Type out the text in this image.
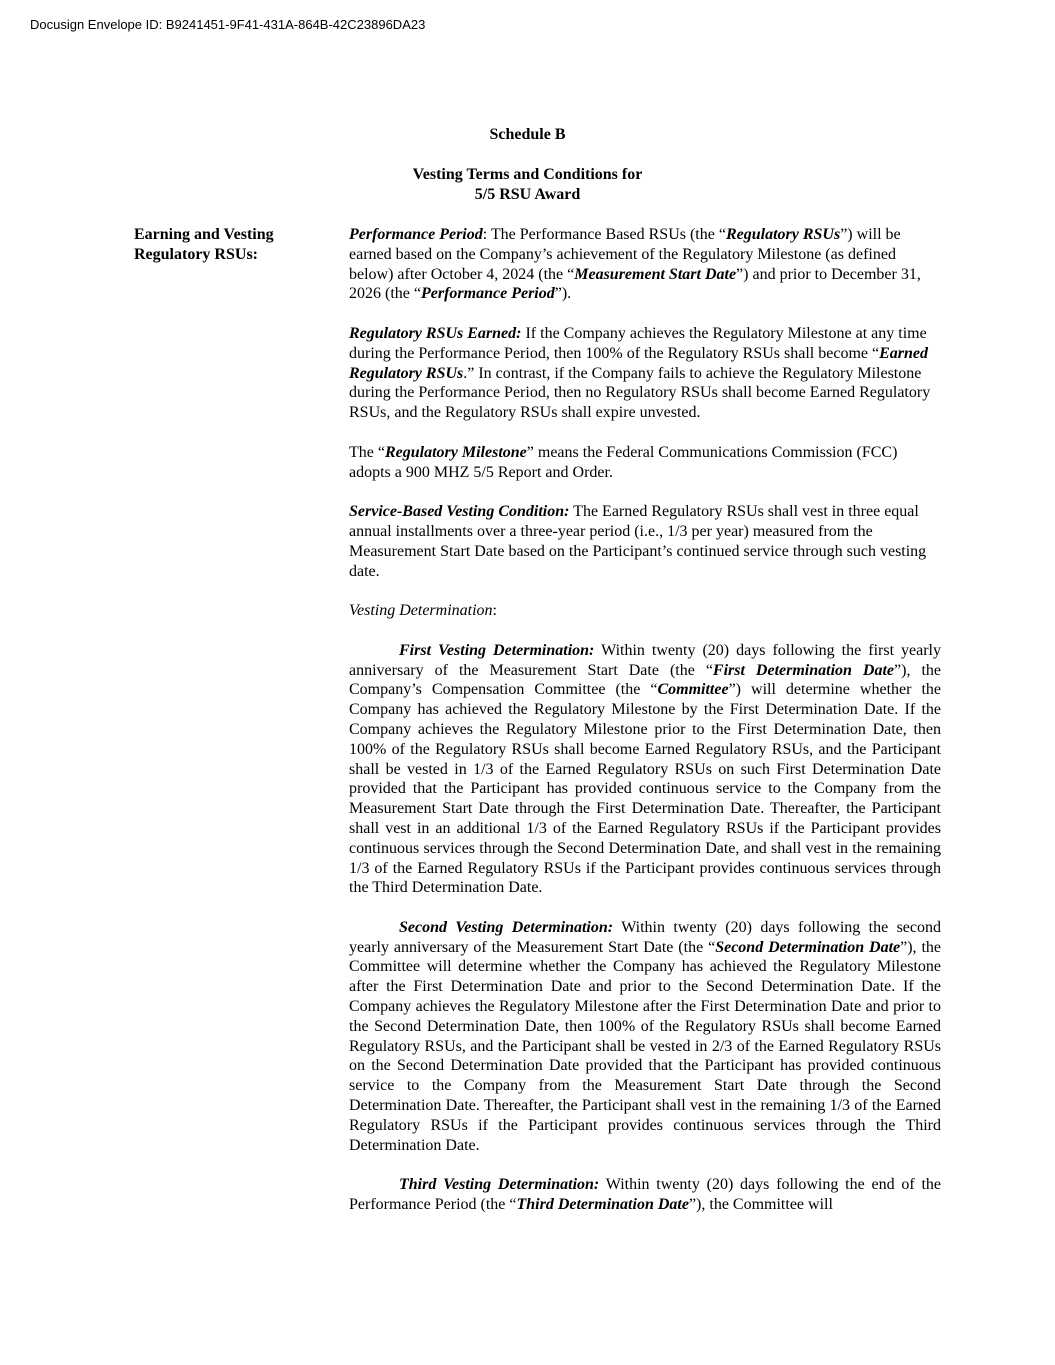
Docusign Envelope ID: B9241451-9F41-431A-864B-42C23896DA23
Schedule B
Vesting Terms and Conditions for
5/5 RSU Award
Earning and Vesting
Regulatory RSUs:

Performance Period: The Performance Based RSUs (the “Regulatory RSUs”) will be earned based on the Company’s achievement of the Regulatory Milestone (as defined below) after October 4, 2024 (the “Measurement Start Date”) and prior to December 31, 2026 (the “Performance Period”).

Regulatory RSUs Earned: If the Company achieves the Regulatory Milestone at any time during the Performance Period, then 100% of the Regulatory RSUs shall become “Earned Regulatory RSUs.” In contrast, if the Company fails to achieve the Regulatory Milestone during the Performance Period, then no Regulatory RSUs shall become Earned Regulatory RSUs, and the Regulatory RSUs shall expire unvested.

The “Regulatory Milestone” means the Federal Communications Commission (FCC) adopts a 900 MHZ 5/5 Report and Order.

Service-Based Vesting Condition: The Earned Regulatory RSUs shall vest in three equal annual installments over a three-year period (i.e., 1/3 per year) measured from the Measurement Start Date based on the Participant’s continued service through such vesting date.

Vesting Determination:

First Vesting Determination: Within twenty (20) days following the first yearly anniversary of the Measurement Start Date (the “First Determination Date”), the Company’s Compensation Committee (the “Committee”) will determine whether the Company has achieved the Regulatory Milestone by the First Determination Date. If the Company achieves the Regulatory Milestone prior to the First Determination Date, then 100% of the Regulatory RSUs shall become Earned Regulatory RSUs, and the Participant shall be vested in 1/3 of the Earned Regulatory RSUs on such First Determination Date provided that the Participant has provided continuous service to the Company from the Measurement Start Date through the First Determination Date. Thereafter, the Participant shall vest in an additional 1/3 of the Earned Regulatory RSUs if the Participant provides continuous services through the Second Determination Date, and shall vest in the remaining 1/3 of the Earned Regulatory RSUs if the Participant provides continuous services through the Third Determination Date.

Second Vesting Determination: Within twenty (20) days following the second yearly anniversary of the Measurement Start Date (the “Second Determination Date”), the Committee will determine whether the Company has achieved the Regulatory Milestone after the First Determination Date and prior to the Second Determination Date. If the Company achieves the Regulatory Milestone after the First Determination Date and prior to the Second Determination Date, then 100% of the Regulatory RSUs shall become Earned Regulatory RSUs, and the Participant shall be vested in 2/3 of the Earned Regulatory RSUs on the Second Determination Date provided that the Participant has provided continuous service to the Company from the Measurement Start Date through the Second Determination Date. Thereafter, the Participant shall vest in the remaining 1/3 of the Earned Regulatory RSUs if the Participant provides continuous services through the Third Determination Date.

Third Vesting Determination: Within twenty (20) days following the end of the Performance Period (the “Third Determination Date”), the Committee will
